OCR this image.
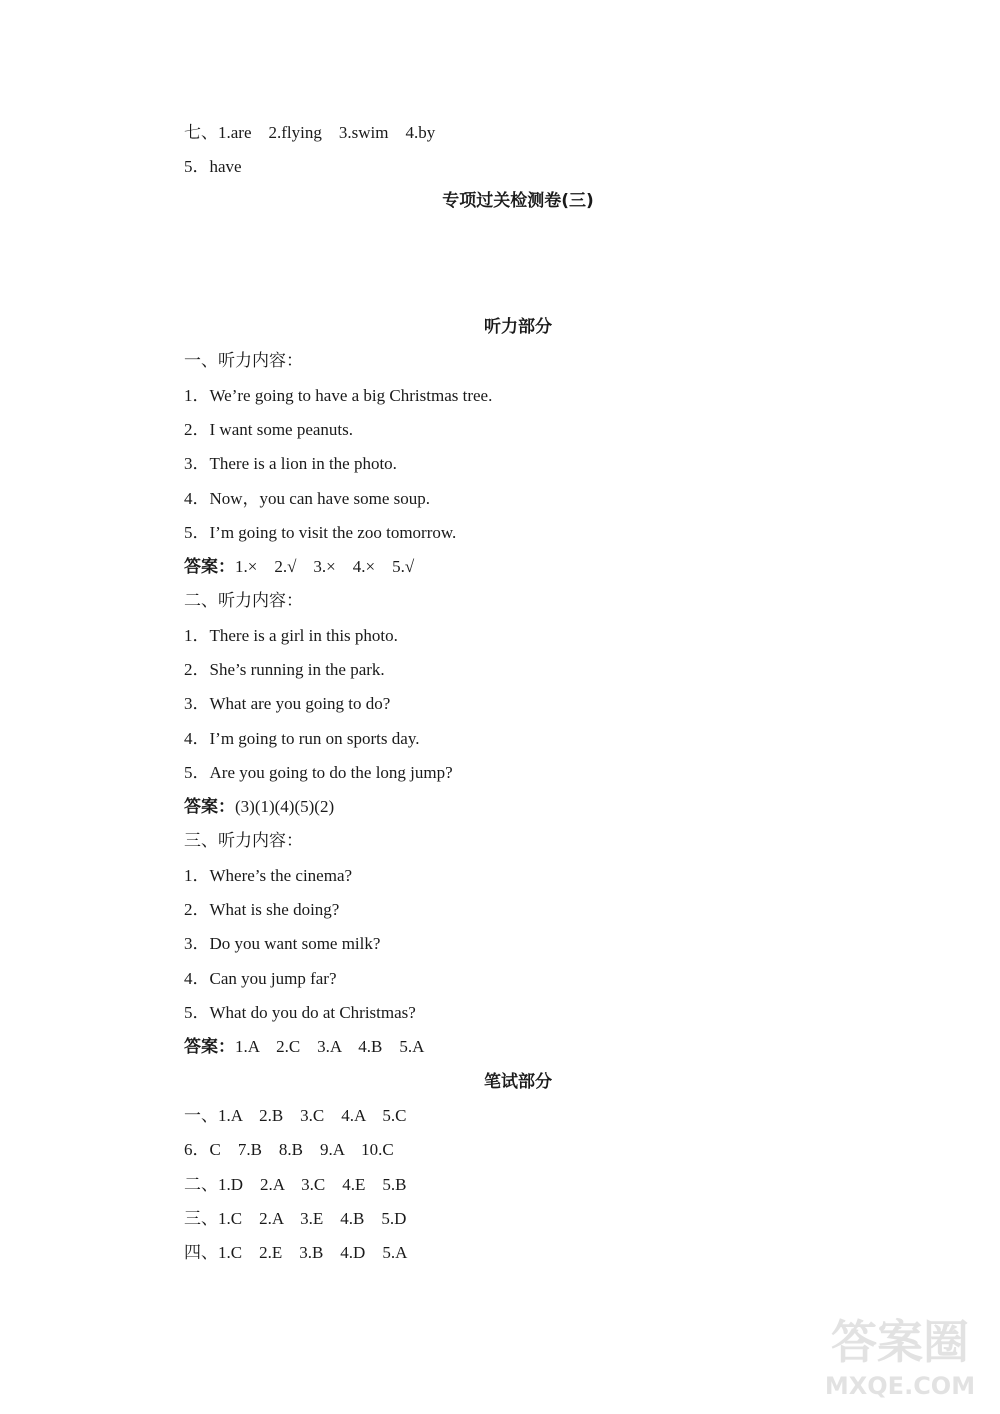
七、1.are　2.flying　3.swim　4.by
5．have
专项过关检测卷(三)
听力部分
一、听力内容：
1．We’re going to have a big Christmas tree.
2．I want some peanuts.
3．There is a lion in the photo.
4．Now，you can have some soup.
5．I’m going to visit the zoo tomorrow.
答案：1.×　2.√　3.×　4.×　5.√
二、听力内容：
1．There is a girl in this photo.
2．She’s running in the park.
3．What are you going to do?
4．I’m going to run on sports day.
5．Are you going to do the long jump?
答案：(3)(1)(4)(5)(2)
三、听力内容：
1．Where’s the cinema?
2．What is she doing?
3．Do you want some milk?
4．Can you jump far?
5．What do you do at Christmas?
答案：1.A　2.C　3.A　4.B　5.A
笔试部分
一、1.A　2.B　3.C　4.A　5.C
6．C　7.B　8.B　9.A　10.C
二、1.D　2.A　3.C　4.E　5.B
三、1.C　2.A　3.E　4.B　5.D
四、1.C　2.E　3.B　4.D　5.A
答案圈
MXQE.COM
